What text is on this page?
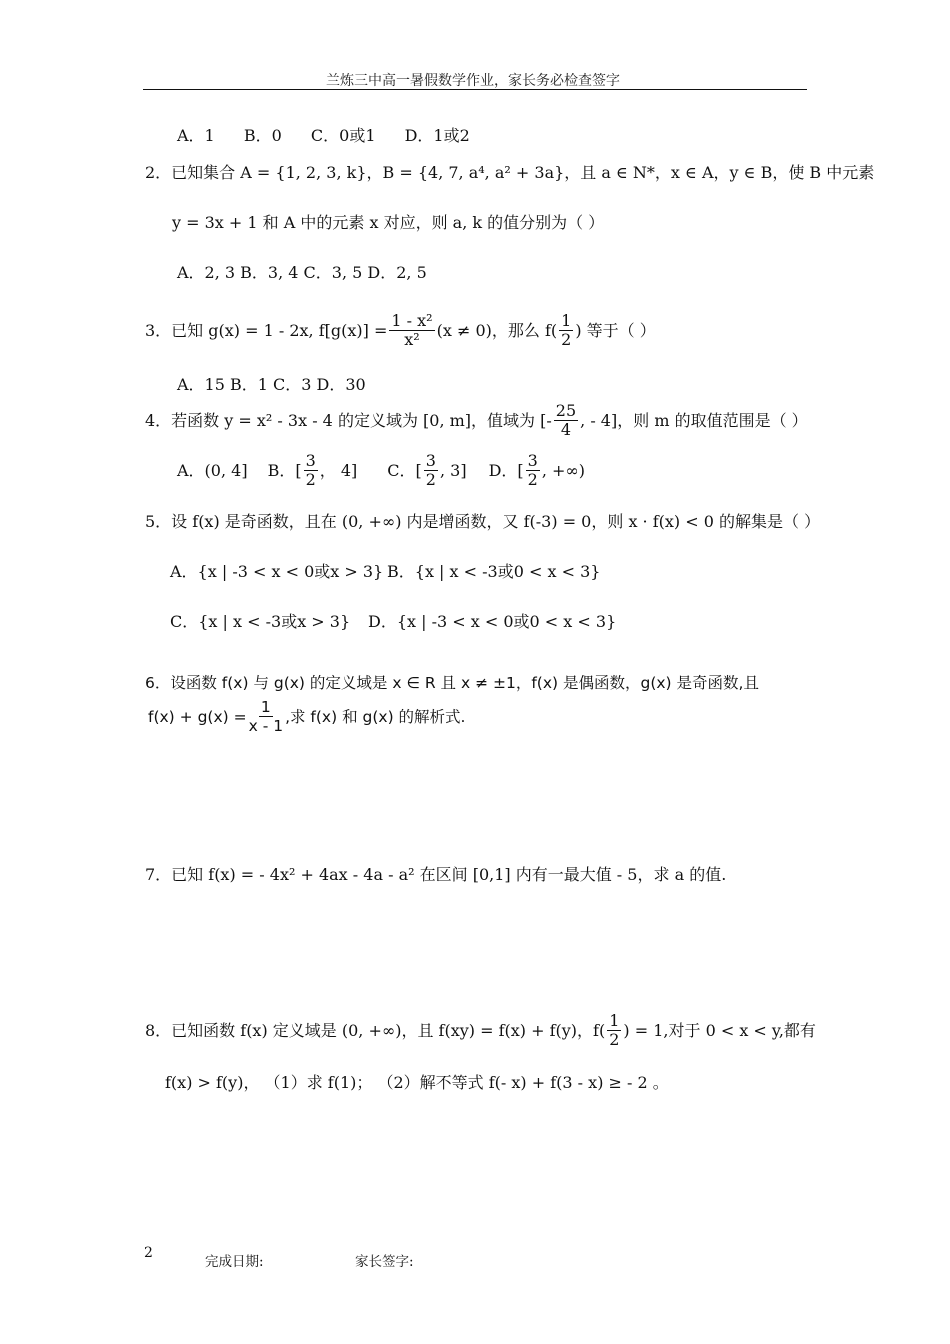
兰炼三中高一暑假数学作业，家长务必检查签字
A．1 B．0 C．0或1 D．1或2
2．已知集合 A = {1, 2, 3, k}，B = {4, 7, a⁴, a² + 3a}，且 a ∈ N*，x ∈ A，y ∈ B，使 B 中元素
y = 3x + 1 和 A 中的元素 x 对应，则 a, k 的值分别为（ ）
A．2, 3 B．3, 4 C．3, 5 D．2, 5
3．已知 g(x) = 1 - 2x, $f[g(x)] = \frac{\text{1 - x²}}{\text{x²}} (x \ne 0)$，那么 $f( \frac{1}{2}$ ) 等于（ ）
A．15 B．1 C．3 D．30
4．若函数 y = x² - 3x - 4 的定义域为 [0, m]，值域为 [- $\frac{25}{4}$ , - 4]，则 m 的取值范围是（ ）
A．(0, 4] B．[ $\frac{3}{2}$ ， 4] C．[ $\frac{3}{2}$ , 3] D．[ $\frac{3}{2}$ , +∞)
5．设 f(x) 是奇函数，且在 (0, +∞) 内是增函数，又 f(-3) = 0，则 x · f(x) < 0 的解集是（ ）
A．{x | -3 < x < 0或x > 3} B．{x | x < -3或0 < x < 3}
C．{x | x < -3或x > 3} D．{x | -3 < x < 0或0 < x < 3}
6．设函数 f(x) 与 g(x) 的定义域是 x ∈ R 且 x ≠ ±1，f(x) 是偶函数，g(x) 是奇函数,且
$f(x) + g(x) = \frac{1}{x - 1}$ ,求 f(x) 和 g(x) 的解析式.
7．已知 f(x) = - 4x² + 4ax - 4a - a² 在区间 [0,1] 内有一最大值 - 5，求 a 的值.
8．已知函数 f(x) 定义域是 (0, +∞)，且 f(xy) = f(x) + f(y)，$f( \frac{1}{2}$ ) = 1,对于 0 < x < y,都有
f(x) > f(y)， （1）求 f(1)； （2）解不等式 f(- x) + f(3 - x) ≥ - 2 。
2
完成日期:	家长签字:
